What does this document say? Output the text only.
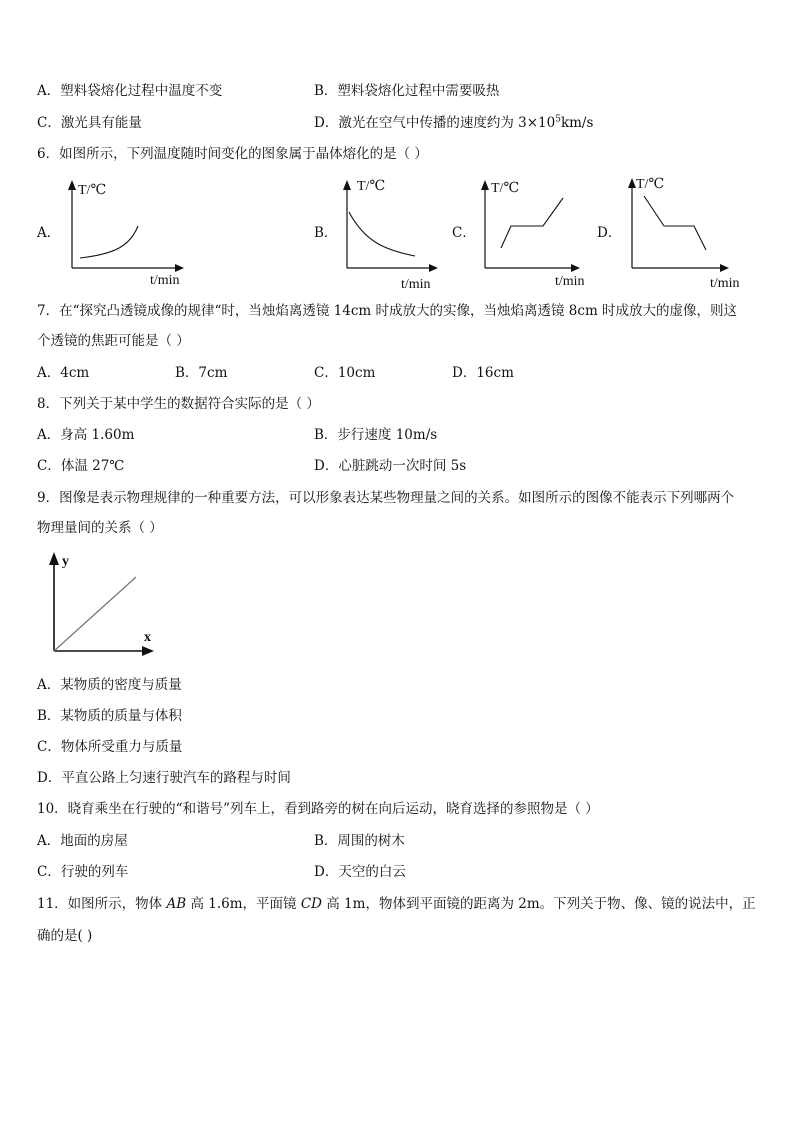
A．塑料袋熔化过程中温度不变	B．塑料袋熔化过程中需要吸热
C．激光具有能量	D．激光在空气中传播的速度约为 $3\times 10^5km/s$
6．如图所示，下列温度随时间变化的图象属于晶体熔化的是（ ）
A．
T/℃
t/min
B．
T/℃
t/min
C．
T/℃
t/min
D．
T/℃
t/min
7．在“探究凸透镜成像的规律“时，当烛焰离透镜 14cm 时成放大的实像，当烛焰离透镜 8cm 时成放大的虚像，则这
个透镜的焦距可能是（ ）
A．4cm	B．7cm	C．10cm	D．16cm
8．下列关于某中学生的数据符合实际的是（ ）
A．身高 1.60m	B．步行速度 10m/s
C．体温 27℃	D．心脏跳动一次时间 5s
9．图像是表示物理规律的一种重要方法，可以形象表达某些物理量之间的关系。如图所示的图像不能表示下列哪两个
物理量间的关系（ ）
y
x
A．某物质的密度与质量
B．某物质的质量与体积
C．物体所受重力与质量
D．平直公路上匀速行驶汽车的路程与时间
10．晓育乘坐在行驶的“和谐号”列车上，看到路旁的树在向后运动，晓育选择的参照物是（ ）
A．地面的房屋	B．周围的树木
C．行驶的列车	D．天空的白云
11．如图所示，物体 AB 高 1.6m，平面镜 CD 高 1m，物体到平面镜的距离为 2m。下列关于物、像、镜的说法中，正
确的是( )
